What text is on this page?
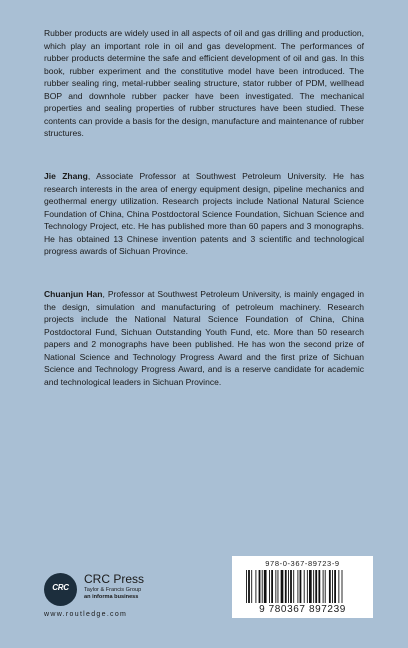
Rubber products are widely used in all aspects of oil and gas drilling and production, which play an important role in oil and gas development. The performances of rubber products determine the safe and efficient development of oil and gas. In this book, rubber experiment and the constitutive model have been introduced. The rubber sealing ring, metal-rubber sealing structure, stator rubber of PDM, wellhead BOP and downhole rubber packer have been investigated. The mechanical properties and sealing properties of rubber structures have been studied. These contents can provide a basis for the design, manufacture and maintenance of rubber structures.

Jie Zhang, Associate Professor at Southwest Petroleum University. He has research interests in the area of energy equipment design, pipeline mechanics and geothermal energy utilization. Research projects include National Natural Science Foundation of China, China Postdoctoral Science Foundation, Sichuan Science and Technology Project, etc. He has published more than 60 papers and 3 monographs. He has obtained 13 Chinese invention patents and 3 scientific and technological progress awards of Sichuan Province.

Chuanjun Han, Professor at Southwest Petroleum University, is mainly engaged in the design, simulation and manufacturing of petroleum machinery. Research projects include the National Natural Science Foundation of China, China Postdoctoral Fund, Sichuan Outstanding Youth Fund, etc. More than 50 research papers and 2 monographs have been published. He has won the second prize of National Science and Technology Progress Award and the first prize of Sichuan Science and Technology Progress Award, and is a reserve candidate for academic and technological leaders in Sichuan Province.

CRC
CRC Press
Taylor & Francis Group
an informa business
www.routledge.com
978-0-367-89723-9
9 780367 897239
